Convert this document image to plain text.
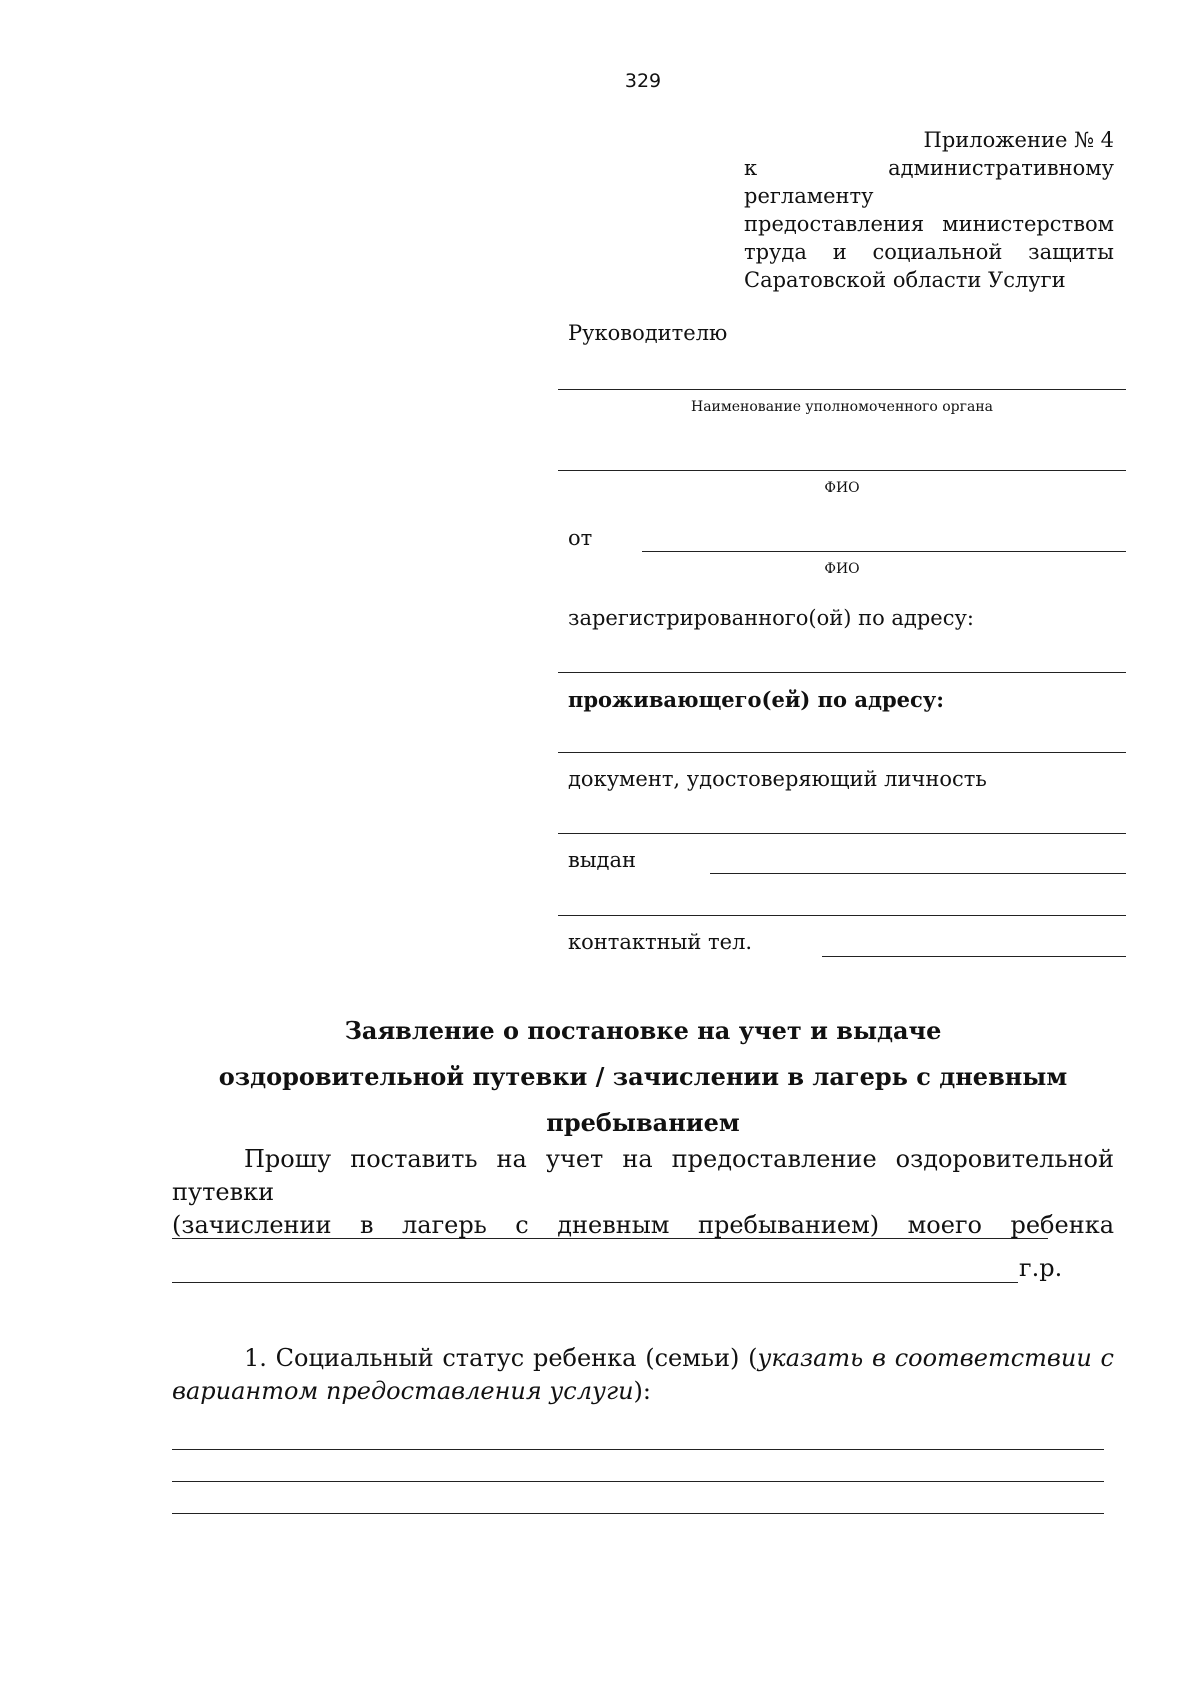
329
Приложение № 4
к административному регламенту
предоставления министерством
труда и социальной защиты
Саратовской области Услуги
Руководителю
Наименование уполномоченного органа
ФИО
от
ФИО
зарегистрированного(ой) по адресу:
проживающего(ей) по адресу:
документ, удостоверяющий личность
выдан
контактный тел.
Заявление о постановке на учет и выдаче
оздоровительной путевки / зачислении в лагерь с дневным пребыванием
Прошу поставить на учет на предоставление оздоровительной путевки
(зачислении в лагерь с дневным пребыванием) моего ребенка
г.р.
1. Социальный статус ребенка (семьи) (указать в соответствии с
вариантом предоставления услуги):
